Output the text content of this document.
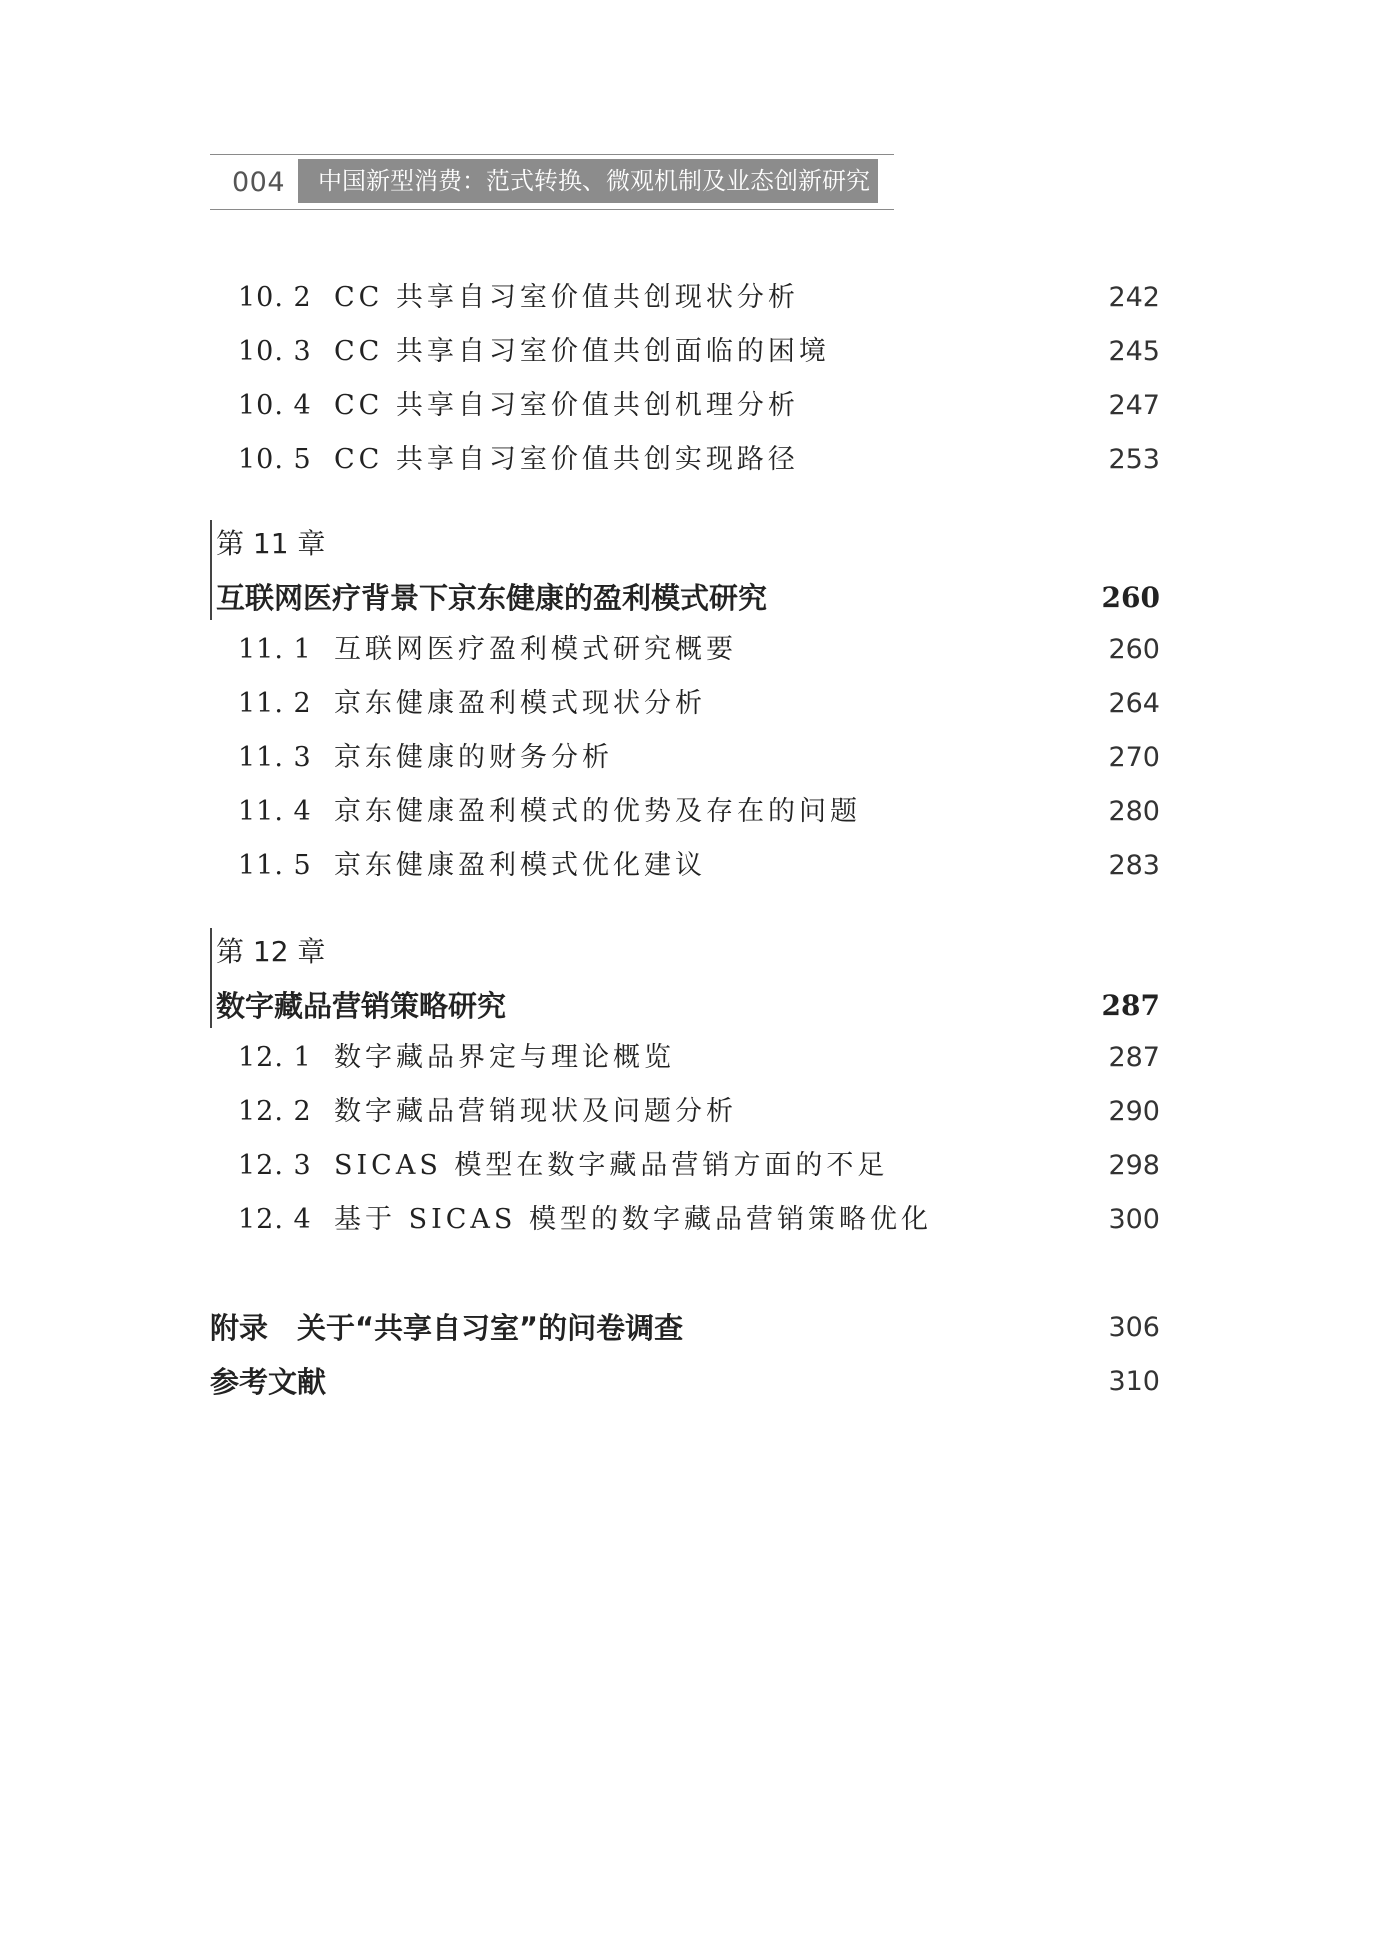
004	中国新型消费：范式转换、微观机制及业态创新研究
10. 2 CC 共享自习室价值共创现状分析	242
10. 3 CC 共享自习室价值共创面临的困境	245
10. 4 CC 共享自习室价值共创机理分析	247
10. 5 CC 共享自习室价值共创实现路径	253
第 11 章
互联网医疗背景下京东健康的盈利模式研究	260
11. 1 互联网医疗盈利模式研究概要	260
11. 2 京东健康盈利模式现状分析	264
11. 3 京东健康的财务分析	270
11. 4 京东健康盈利模式的优势及存在的问题	280
11. 5 京东健康盈利模式优化建议	283
第 12 章
数字藏品营销策略研究	287
12. 1 数字藏品界定与理论概览	287
12. 2 数字藏品营销现状及问题分析	290
12. 3 SICAS 模型在数字藏品营销方面的不足	298
12. 4 基于 SICAS 模型的数字藏品营销策略优化	300
附录　关于“共享自习室”的问卷调查	306
参考文献	310
